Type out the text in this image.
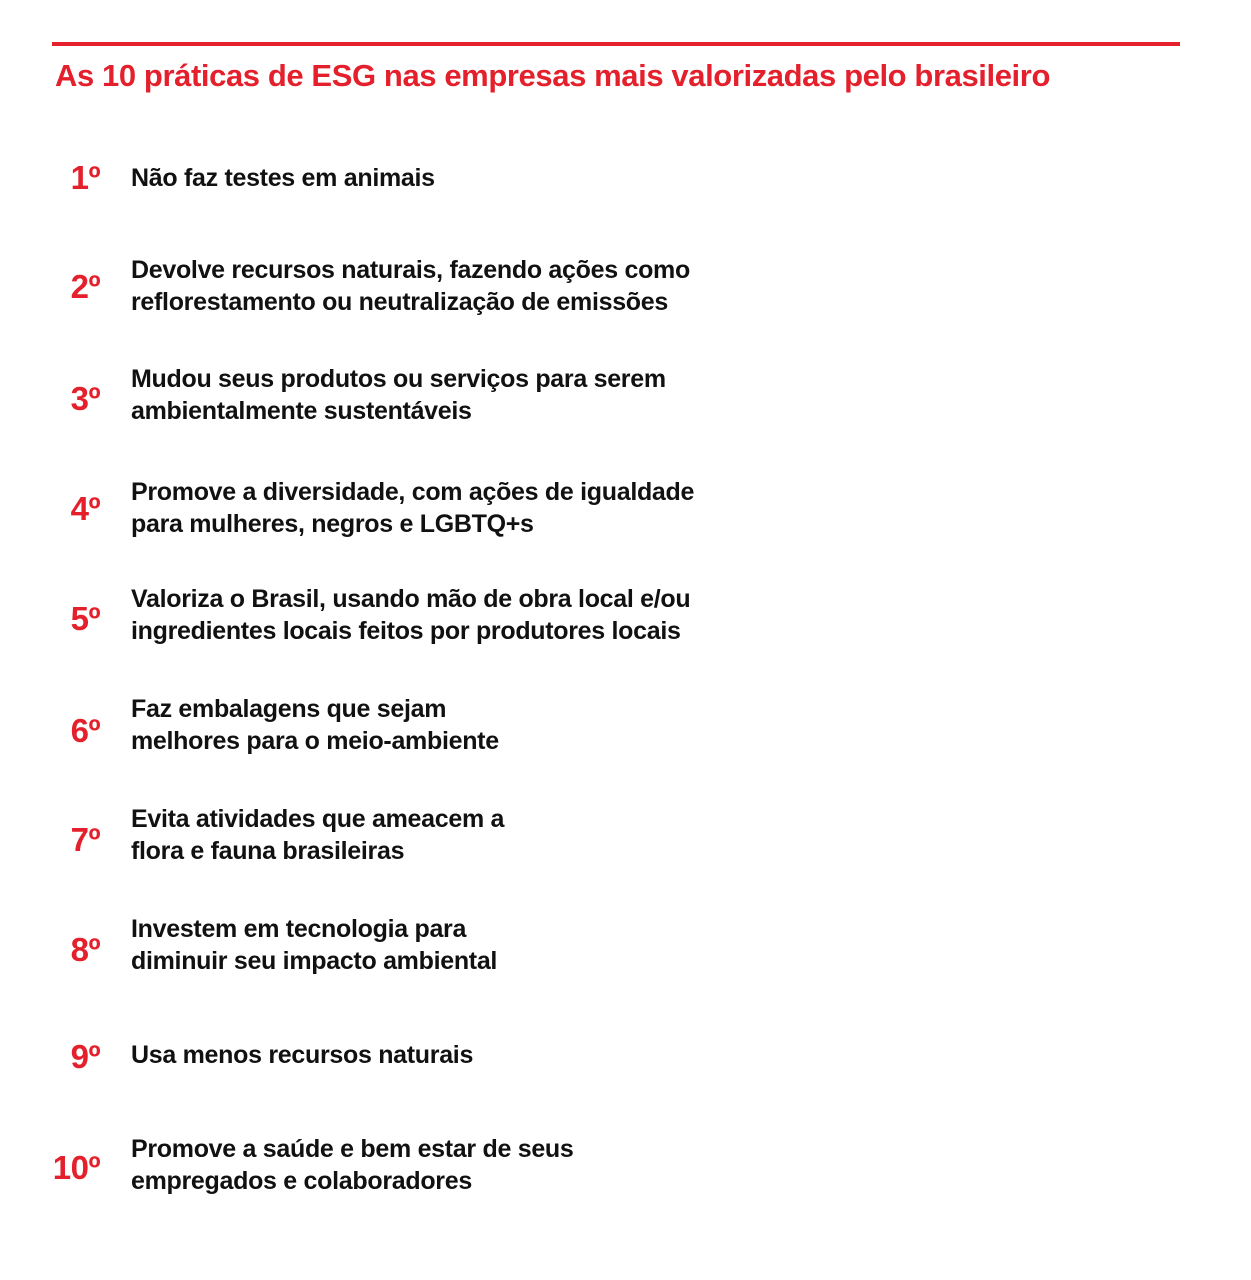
As 10 práticas de ESG nas empresas mais valorizadas pelo brasileiro
1º Não faz testes em animais
2º Devolve recursos naturais, fazendo ações como
reflorestamento ou neutralização de emissões
3º
Mudou seus produtos ou serviços para serem
ambientalmente sustentáveis
4º Promove a diversidade, com ações de igualdade
para mulheres, negros e LGBTQ+s
5º
Valoriza o Brasil, usando mão de obra local e/ou
ingredientes locais feitos por produtores locais
6º
Faz embalagens que sejam
melhores para o meio-ambiente
7º
Evita atividades que ameacem a
flora e fauna brasileiras
8º
Investem em tecnologia para
diminuir seu impacto ambiental
9º Usa menos recursos naturais
10º Promove a saúde e bem estar de seus
empregados e colaboradores
